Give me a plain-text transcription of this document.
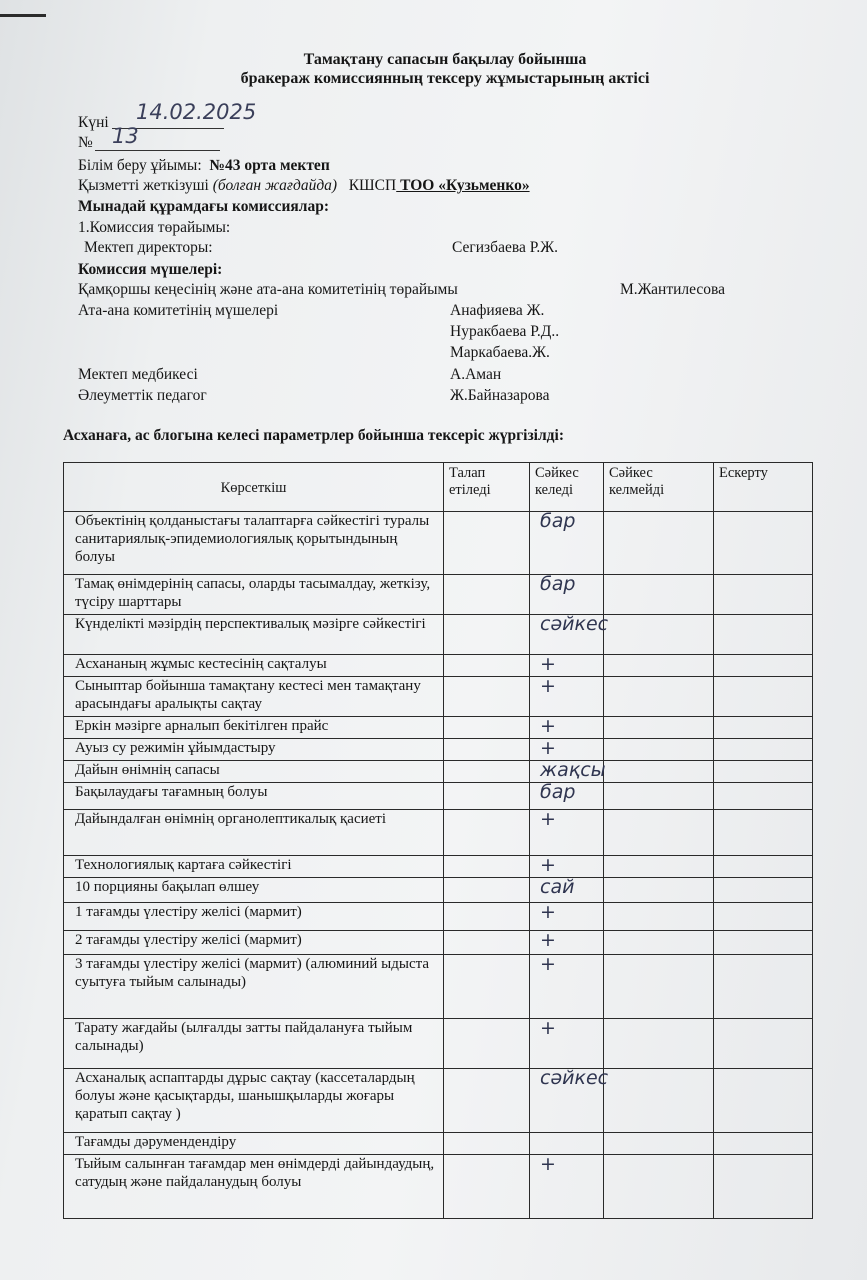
Тамақтану сапасын бақылау бойынша
бракераж комиссиянның тексеру жұмыстарының актісі
Күні 14.02.2025
№ 13
Білім беру ұйымы: №43 орта мектеп
Қызметті жеткізуші (болған жағдайда) КШСП ТОО «Кузьменко»
Мынадай құрамдағы комиссиялар:
1.Комиссия төрайымы:
Мектеп директоры:	Сегизбаева Р.Ж.
Комиссия мүшелері:
Қамқоршы кеңесінің және ата-ана комитетінің төрайымы	М.Жантилесова
Ата-ана комитетінің мүшелері	Анафияева Ж.
Нуракбаева Р.Д..
Маркабаева.Ж.
Мектеп медбикесі	А.Аман
Әлеуметтік педагог	Ж.Байназарова
Асханаға, ас блогына келесі параметрлер бойынша тексеріс жүргізілді:
Көрсеткіш	Талап етіледі	Сәйкес келеді	Сәйкес келмейді	Ескерту
Объектінің қолданыстағы талаптарға сәйкестігі туралы санитариялық-эпидемиологиялық қорытындының болуы		бар		
Тамақ өнімдерінің сапасы, оларды тасымалдау, жеткізу, түсіру шарттары		бар		
Күнделікті мәзірдің перспективалық мәзірге сәйкестігі		сәйкес		
Асхананың жұмыс кестесінің сақталуы		+		
Сыныптар бойынша тамақтану кестесі мен тамақтану арасындағы аралықты сақтау		+		
Еркін мәзірге арналып бекітілген прайс		+		
Ауыз су режимін ұйымдастыру		+		
Дайын өнімнің сапасы		жақсы		
Бақылаудағы тағамның болуы		бар		
Дайындалған өнімнің органолептикалық қасиеті		+		
Технологиялық картаға сәйкестігі		+		
10 порцияны бақылап өлшеу		сай		
1 тағамды үлестіру желісі (мармит)		+		
2 тағамды үлестіру желісі (мармит)		+		
3 тағамды үлестіру желісі (мармит) (алюминий ыдыста суытуға тыйым салынады)		+		
Тарату жағдайы (ылғалды затты пайдалануға тыйым салынады)		+		
Асханалық аспаптарды дұрыс сақтау (кассеталардың болуы және қасықтарды, шанышқыларды жоғары қаратып сақтау )		сәйкес		
Тағамды дәрумендендіру				
Тыйым салынған тағамдар мен өнімдерді дайындаудың, сатудың және пайдаланудың болуы		+		
